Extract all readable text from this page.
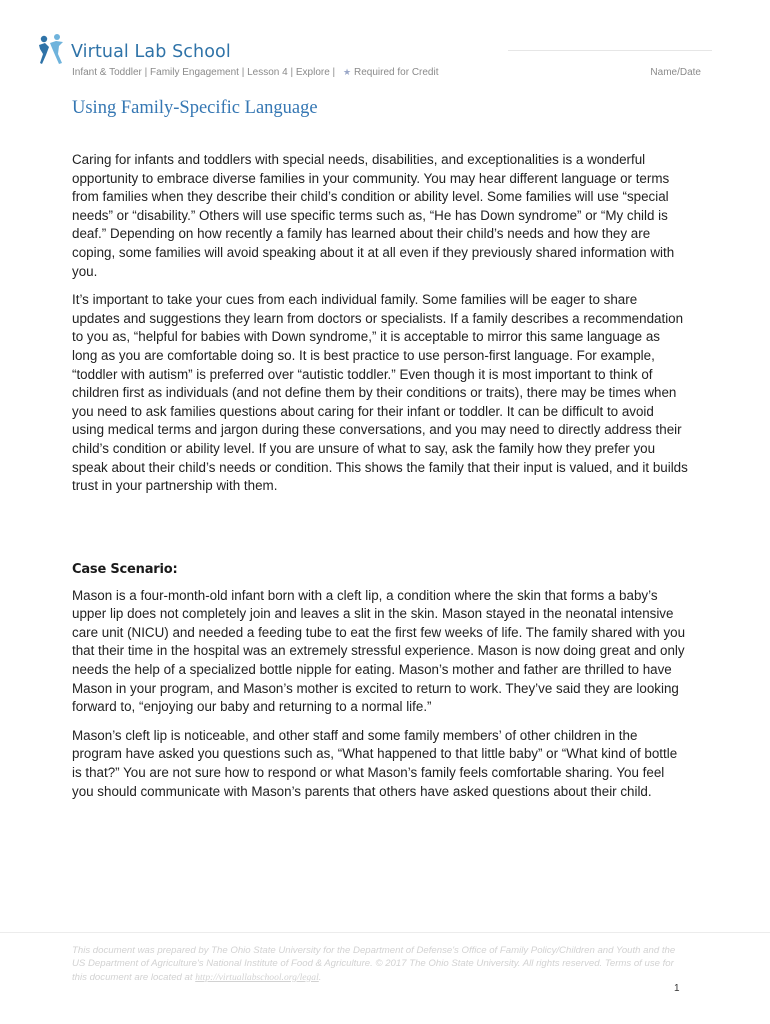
Virtual Lab School
Infant & Toddler | Family Engagement | Lesson 4 | Explore | ★ Required for Credit	Name/Date
Using Family-Specific Language

Caring for infants and toddlers with special needs, disabilities, and exceptionalities is a wonderful opportunity to embrace diverse families in your community. You may hear different language or terms from families when they describe their child’s condition or ability level. Some families will use “special needs” or “disability.” Others will use specific terms such as, “He has Down syndrome” or “My child is deaf.” Depending on how recently a family has learned about their child’s needs and how they are coping, some families will avoid speaking about it at all even if they previously shared information with you.

It’s important to take your cues from each individual family. Some families will be eager to share updates and suggestions they learn from doctors or specialists. If a family describes a recommendation to you as, “helpful for babies with Down syndrome,” it is acceptable to mirror this same language as long as you are comfortable doing so. It is best practice to use person-first language. For example, “toddler with autism” is preferred over “autistic toddler.” Even though it is most important to think of children first as individuals (and not define them by their conditions or traits), there may be times when you need to ask families questions about caring for their infant or toddler. It can be difficult to avoid using medical terms and jargon during these conversations, and you may need to directly address their child’s condition or ability level. If you are unsure of what to say, ask the family how they prefer you speak about their child’s needs or condition. This shows the family that their input is valued, and it builds trust in your partnership with them.

Case Scenario:

Mason is a four-month-old infant born with a cleft lip, a condition where the skin that forms a baby’s upper lip does not completely join and leaves a slit in the skin. Mason stayed in the neonatal intensive care unit (NICU) and needed a feeding tube to eat the first few weeks of life. The family shared with you that their time in the hospital was an extremely stressful experience. Mason is now doing great and only needs the help of a specialized bottle nipple for eating. Mason’s mother and father are thrilled to have Mason in your program, and Mason’s mother is excited to return to work. They’ve said they are looking forward to, “enjoying our baby and returning to a normal life.”

Mason’s cleft lip is noticeable, and other staff and some family members’ of other children in the program have asked you questions such as, “What happened to that little baby” or “What kind of bottle is that?” You are not sure how to respond or what Mason’s family feels comfortable sharing. You feel you should communicate with Mason’s parents that others have asked questions about their child.

This document was prepared by The Ohio State University for the Department of Defense's Office of Family Policy/Children and Youth and the US Department of Agriculture's National Institute of Food & Agriculture. © 2017 The Ohio State University. All rights reserved. Terms of use for this document are located at http://virtuallabschool.org/legal.
1
